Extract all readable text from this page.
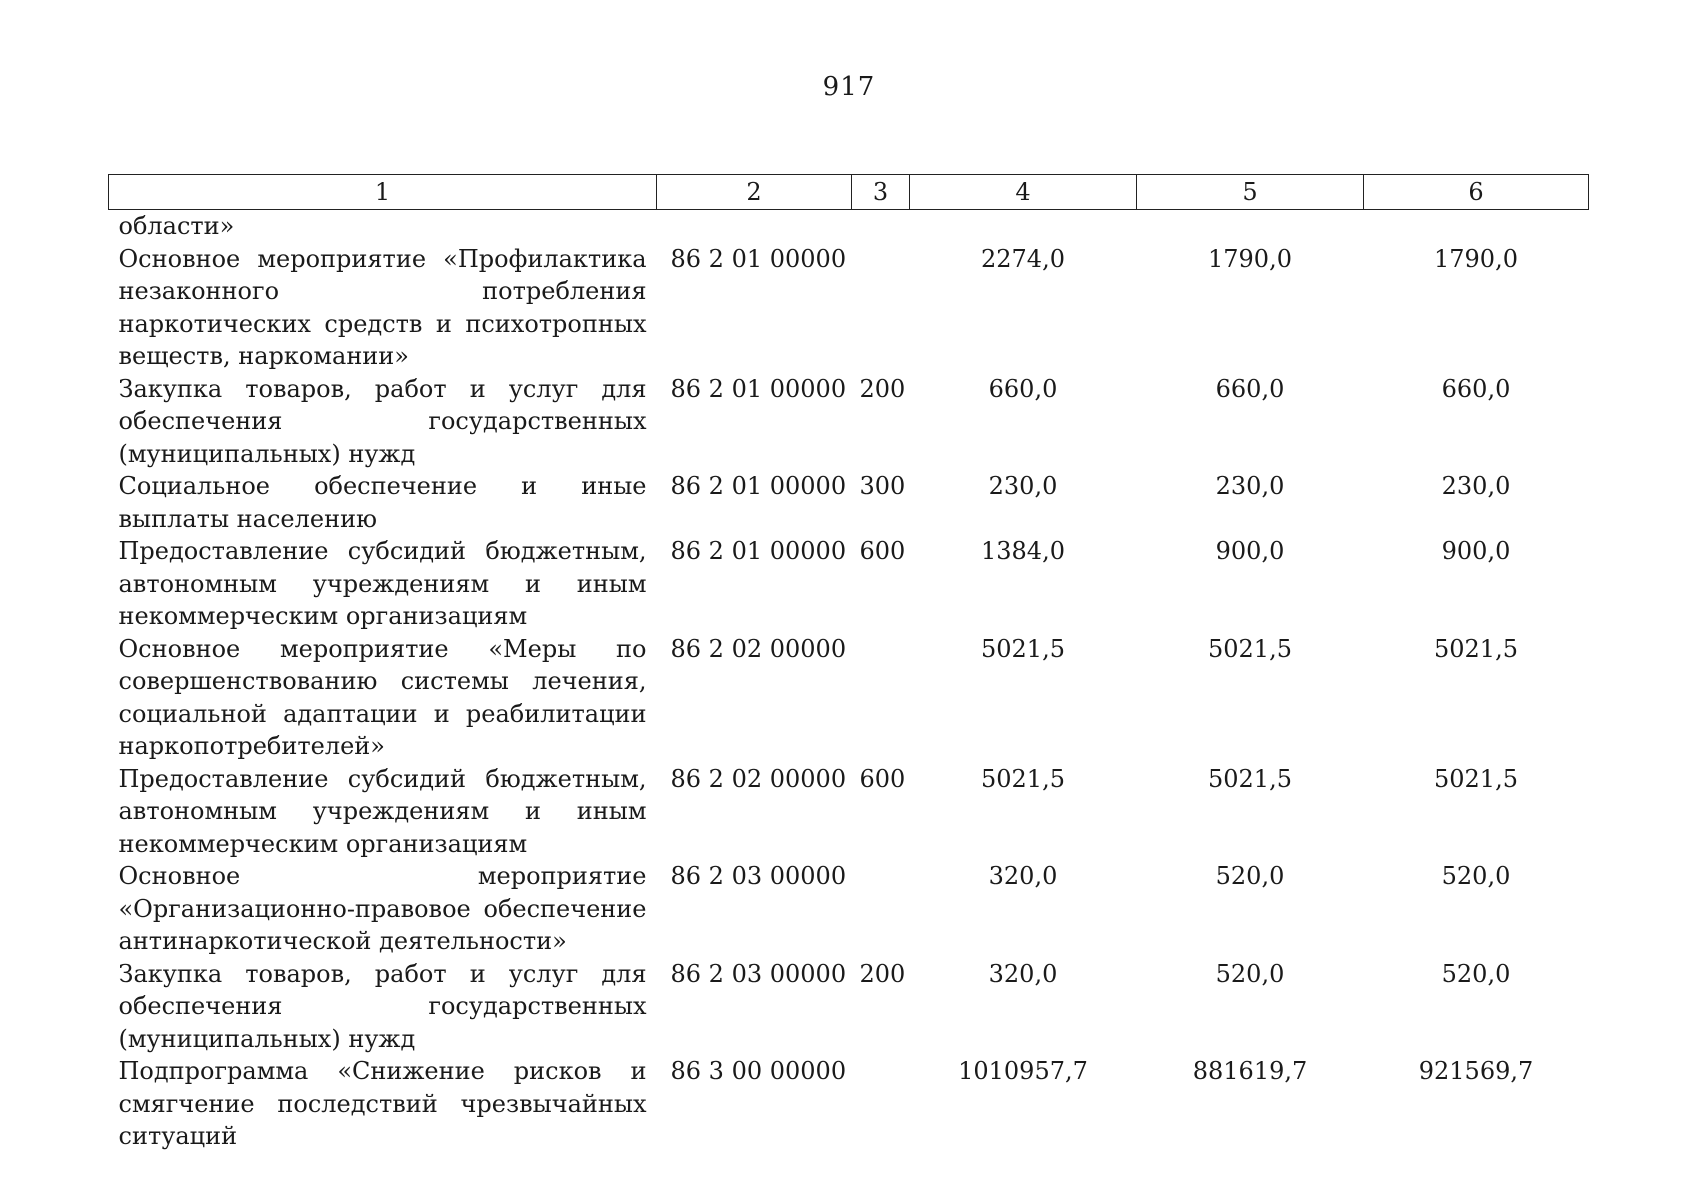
917
1	2	3	4	5	6
области»					
Основное мероприятие «Профилактика незаконного потребления наркотических средств и психотропных веществ, наркомании»	86 2 01 00000		2274,0	1790,0	1790,0
Закупка товаров, работ и услуг для обеспечения государственных (муниципальных) нужд	86 2 01 00000	200	660,0	660,0	660,0
Социальное обеспечение и иные выплаты населению	86 2 01 00000	300	230,0	230,0	230,0
Предоставление субсидий бюджетным, автономным учреждениям и иным некоммерческим организациям	86 2 01 00000	600	1384,0	900,0	900,0
Основное мероприятие «Меры по совершенствованию системы лечения, социальной адаптации и реабилитации наркопотребителей»	86 2 02 00000		5021,5	5021,5	5021,5
Предоставление субсидий бюджетным, автономным учреждениям и иным некоммерческим организациям	86 2 02 00000	600	5021,5	5021,5	5021,5
Основное мероприятие «Организационно-правовое обеспечение антинаркотической деятельности»	86 2 03 00000		320,0	520,0	520,0
Закупка товаров, работ и услуг для обеспечения государственных (муниципальных) нужд	86 2 03 00000	200	320,0	520,0	520,0
Подпрограмма «Снижение рисков и смягчение последствий чрезвычайных ситуаций	86 3 00 00000		1010957,7	881619,7	921569,7
